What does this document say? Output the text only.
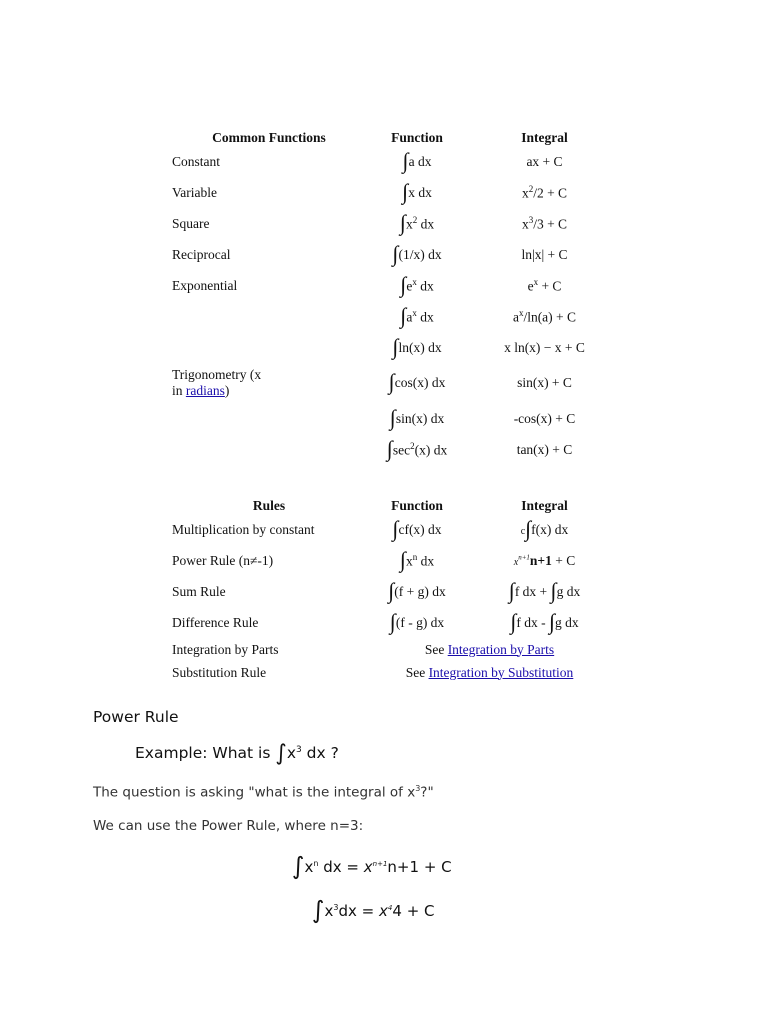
Common Functions	Function	Integral
Constant	∫a dx	ax + C
Variable	∫x dx	$x^2/2 + C$
Square	$\int x^2$ dx	$x^3/3 + C$
Reciprocal	∫(1/x) dx	ln|x| + C
Exponential	$\int e^x$ dx	$e^x + C$
	$\int a^x$ dx	$a^x/\ln(a) + C$
	∫ln(x) dx	x ln(x) − x + C
Trigonometry (x
in radians)	∫cos(x) dx	sin(x) + C
	∫sin(x) dx	-cos(x) + C
	$\int\sec^2(x)$ dx	tan(x) + C
Rules	Function	Integral
Multiplication by constant	∫cf(x) dx	c∫f(x) dx
Power Rule (n≠-1)	$\int x^n$ dx	$x^{n+1}n+1 + C$
Sum Rule	∫(f + g) dx	∫f dx + ∫g dx
Difference Rule	∫(f - g) dx	∫f dx - ∫g dx
Integration by Parts	See Integration by Parts	
Substitution Rule	See Integration by Substitution	
Power Rule
Example: What is $\int x^3$ dx ?
The question is asking "what is the integral of $x^3$?"
We can use the Power Rule, where n=3:
$\int x^n$ dx = $x^{n+1}n+1 + C$
$\int x^3dx = x^44 + C$
